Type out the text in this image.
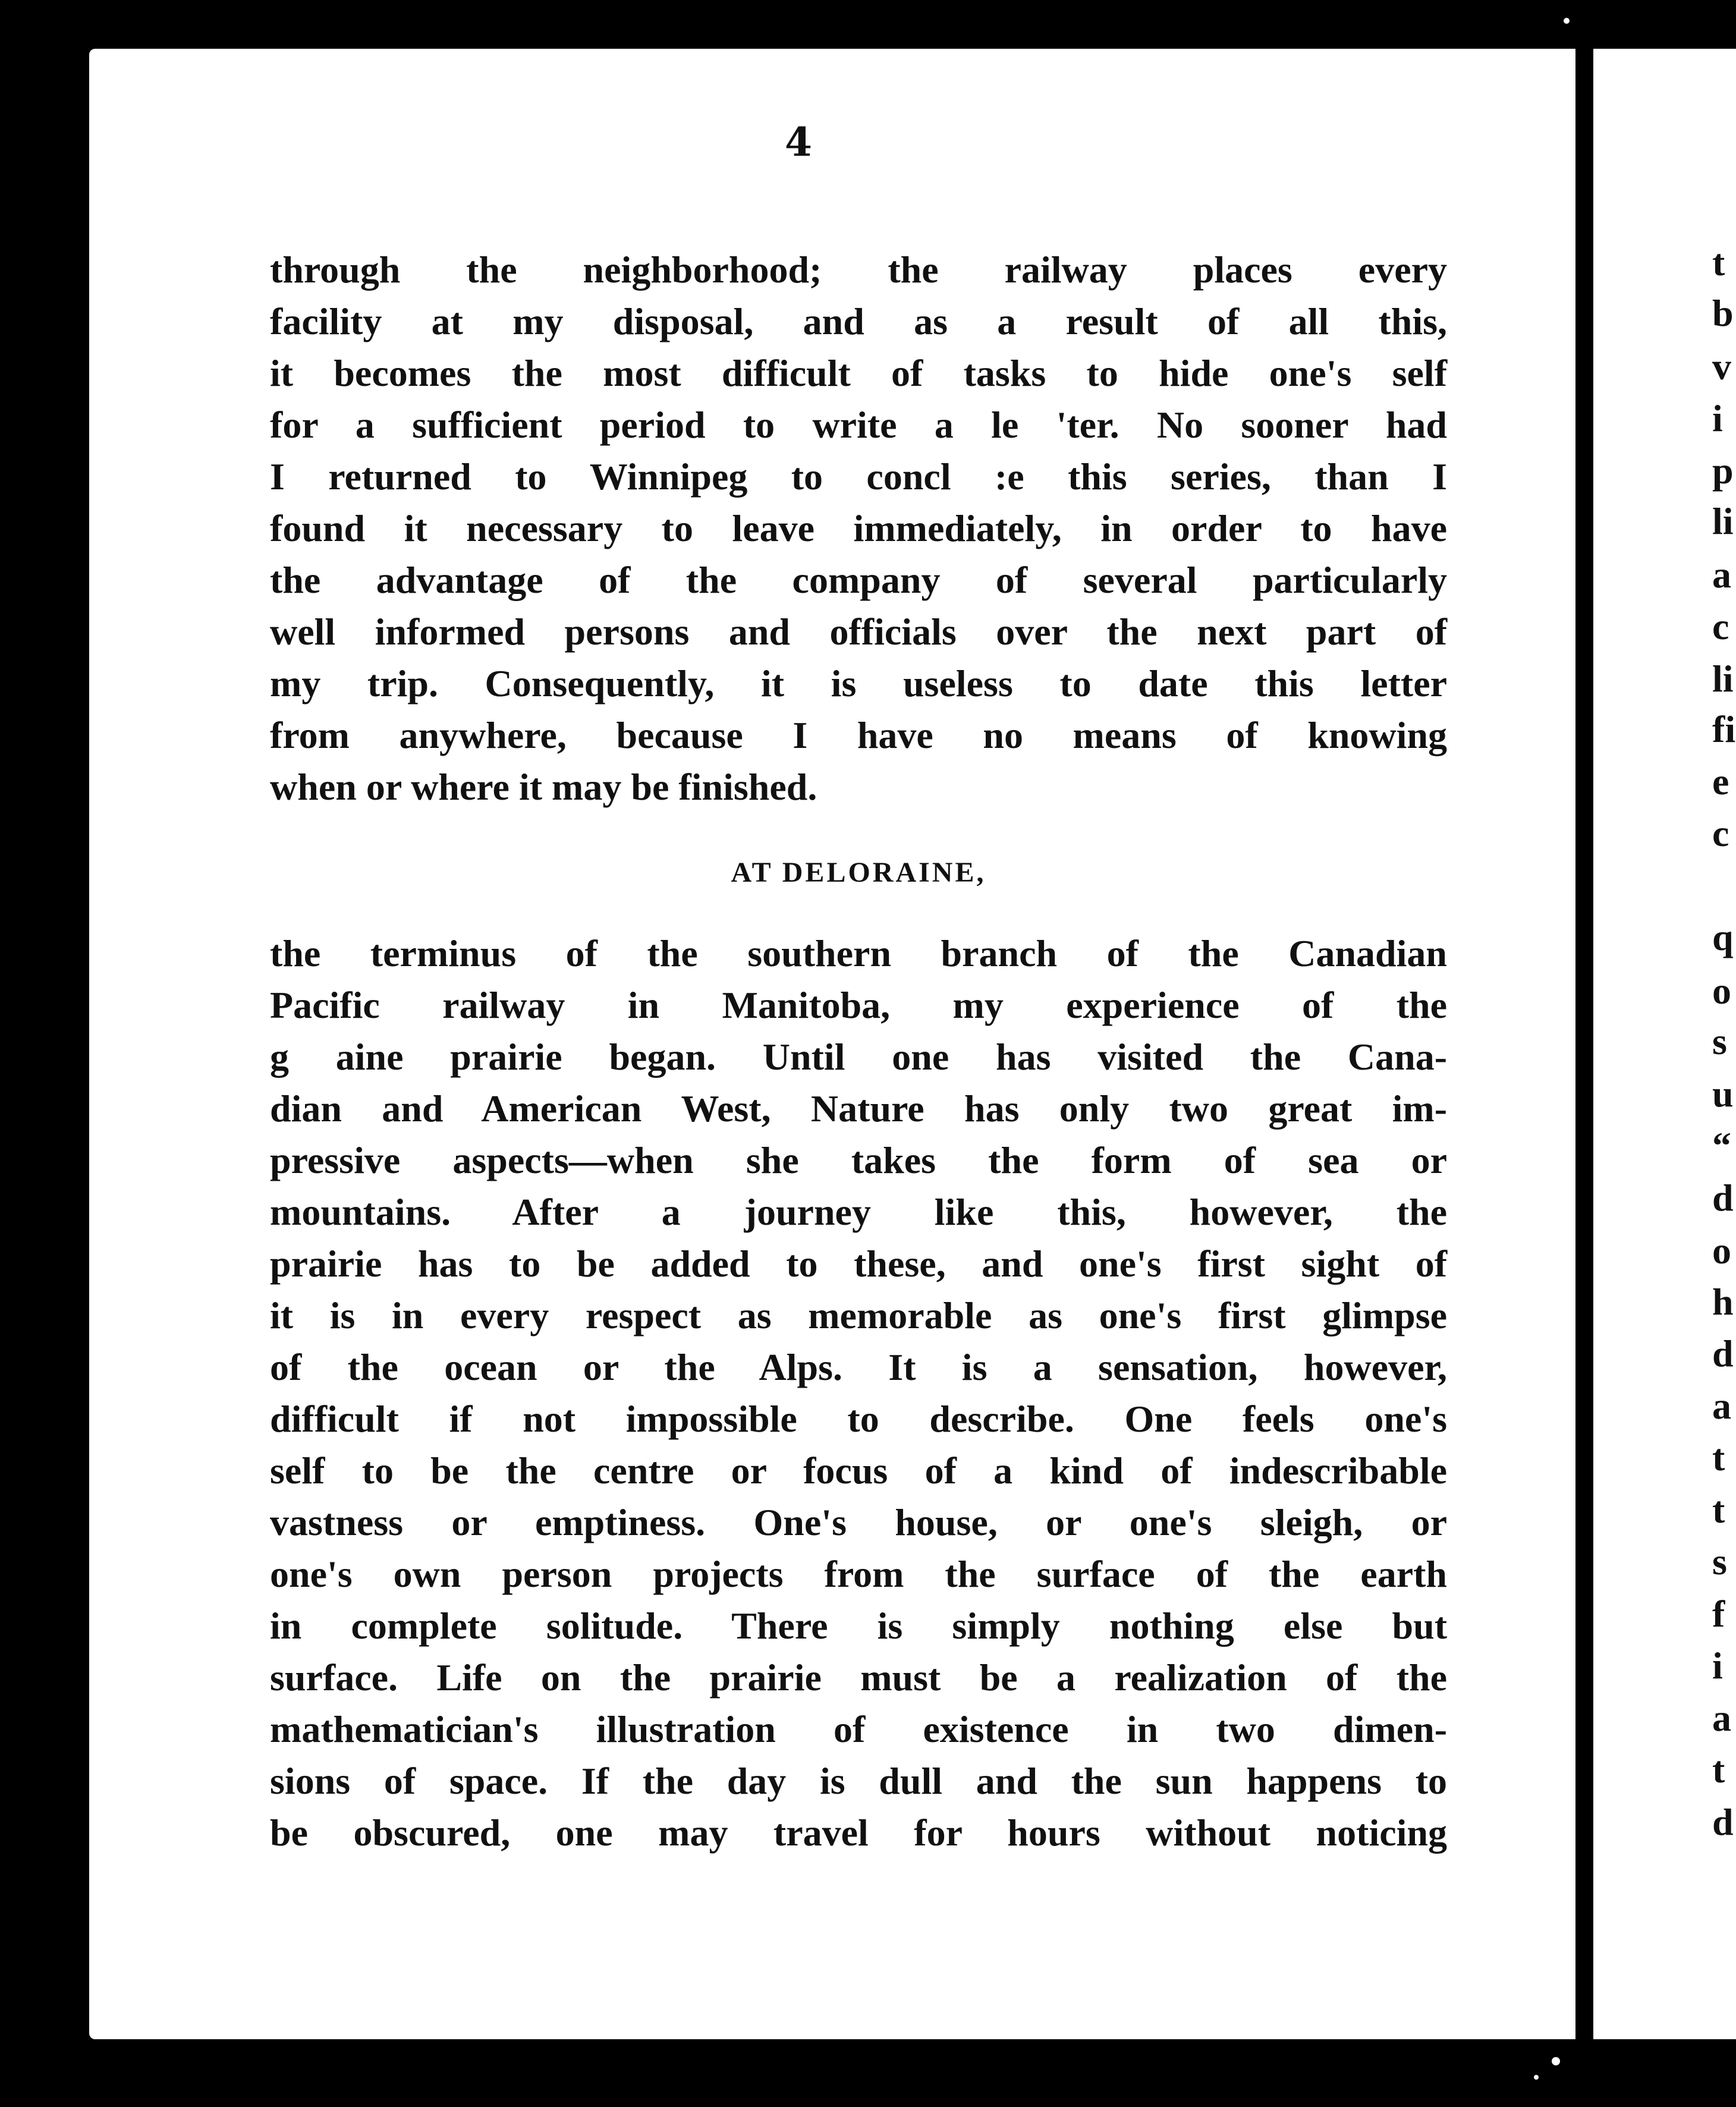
4
through the neighborhood; the railway places every
facility at my disposal, and as a result of all this,
it becomes the most difficult of tasks to hide one's self
for a sufficient period to write a le 'ter. No sooner had
I returned to Winnipeg to concl :e this series, than I
found it necessary to leave immediately, in order to have
the advantage of the company of several particularly
well informed persons and officials over the next part of
my trip. Consequently, it is useless to date this letter
from anywhere, because I have no means of knowing
when or where it may be finished.
AT DELORAINE,
the terminus of the southern branch of the Canadian
Pacific railway in Manitoba, my experience of the
g aine prairie began. Until one has visited the Cana-
dian and American West, Nature has only two great im-
pressive aspects—when she takes the form of sea or
mountains. After a journey like this, however, the
prairie has to be added to these, and one's first sight of
it is in every respect as memorable as one's first glimpse
of the ocean or the Alps. It is a sensation, however,
difficult if not impossible to describe. One feels one's
self to be the centre or focus of a kind of indescribable
vastness or emptiness. One's house, or one's sleigh, or
one's own person projects from the surface of the earth
in complete solitude. There is simply nothing else but
surface. Life on the prairie must be a realization of the
mathematician's illustration of existence in two dimen-
sions of space. If the day is dull and the sun happens to
be obscured, one may travel for hours without noticing
t
b
v
i
p
li
a
c
li
fi
e
c
q
o
s
u
“
d
o
h
d
a
t
t
s
f
i
a
t
d
